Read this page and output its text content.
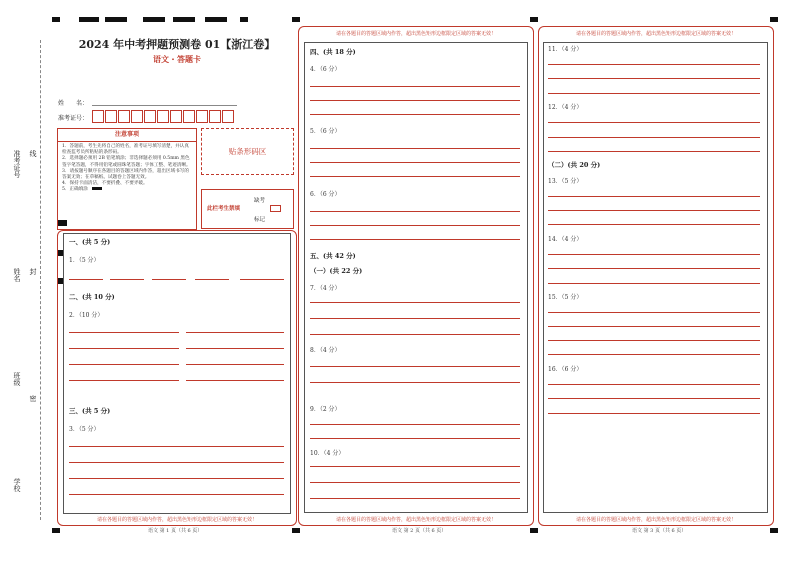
准考证号
姓名
班级
学校
线
封
密
2024 年中考押题预测卷 01【浙江卷】
语文・答题卡
姓　　名：
准考证号：
注意事项

1．答题前，考生先将自己的姓名，准考证号填写清楚，并认真检查监考员所粘贴的条形码。

2．选择题必须用 2B 铅笔填涂；非选择题必须用 0.5mm 黑色签字笔答题，不得用铅笔或圆珠笔答题；字体工整、笔迹清晰。

3．请按题号顺序在各题目的答题区域内作答，超出区域书写的答案无效；在草稿纸、试题卷上答题无效。

4．保持卡面清洁，不要折叠、不要弄破。

5．正确填涂

贴条形码区
此栏考生禁填
缺考
标记
请在各题目的答题区域内作答，超出黑色矩形边框限定区域的答案无效！
语文 第 1 页（共 6 页）
一、(共 5 分)
1．（5 分）
二、(共 10 分)
2．（10 分）
三、(共 5 分)
3．（5 分）
请在各题目的答题区域内作答，超出黑色矩形边框限定区域的答案无效！
请在各题目的答题区域内作答，超出黑色矩形边框限定区域的答案无效！
语文 第 2 页（共 6 页）
四、(共 18 分)
4．（6 分）
5．（6 分）
6．（6 分）
五、(共 42 分)
（一）(共 22 分)
7．（4 分）
8．（4 分）
9．（2 分）
10．（4 分）
请在各题目的答题区域内作答，超出黑色矩形边框限定区域的答案无效！
请在各题目的答题区域内作答，超出黑色矩形边框限定区域的答案无效！
语文 第 3 页（共 6 页）
11．（4 分）
12．（4 分）
（二）(共 20 分)
13．（5 分）
14．（4 分）
15．（5 分）
16．（6 分）
